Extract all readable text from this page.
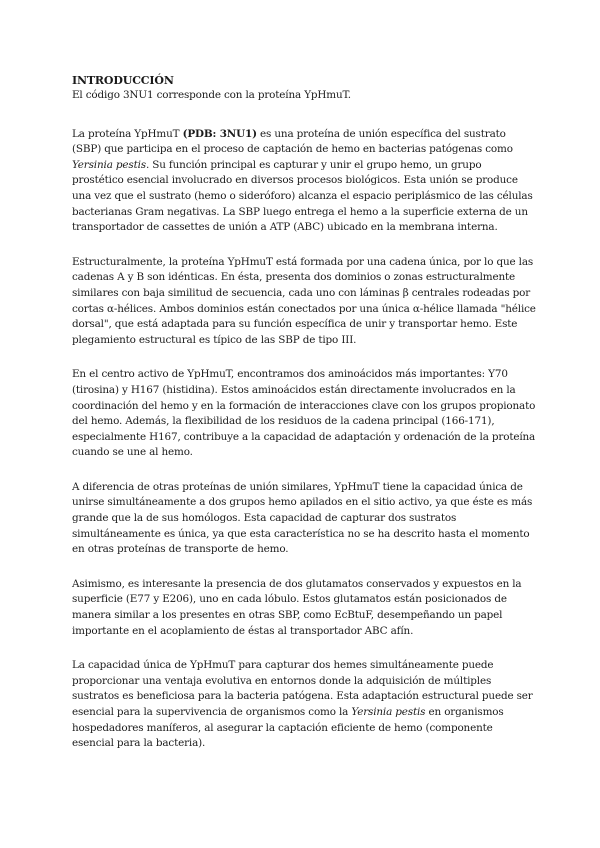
INTRODUCCIÓN

El código 3NU1 corresponde con la proteína YpHmuT.

La proteína YpHmuT (PDB: 3NU1) es una proteína de unión específica del sustrato (SBP) que participa en el proceso de captación de hemo en bacterias patógenas como Yersinia pestis. Su función principal es capturar y unir el grupo hemo, un grupo prostético esencial involucrado en diversos procesos biológicos. Esta unión se produce una vez que el sustrato (hemo o sideróforo) alcanza el espacio periplásmico de las células bacterianas Gram negativas. La SBP luego entrega el hemo a la superficie externa de un transportador de cassettes de unión a ATP (ABC) ubicado en la membrana interna.

Estructuralmente, la proteína YpHmuT está formada por una cadena única, por lo que las cadenas A y B son idénticas. En ésta, presenta dos dominios o zonas estructuralmente similares con baja similitud de secuencia, cada uno con láminas β centrales rodeadas por cortas α-hélices. Ambos dominios están conectados por una única α-hélice llamada "hélice dorsal", que está adaptada para su función específica de unir y transportar hemo. Este plegamiento estructural es típico de las SBP de tipo III.

En el centro activo de YpHmuT, encontramos dos aminoácidos más importantes: Y70 (tirosina) y H167 (histidina). Estos aminoácidos están directamente involucrados en la coordinación del hemo y en la formación de interacciones clave con los grupos propionato del hemo. Además, la flexibilidad de los residuos de la cadena principal (166-171), especialmente H167, contribuye a la capacidad de adaptación y ordenación de la proteína cuando se une al hemo.

A diferencia de otras proteínas de unión similares, YpHmuT tiene la capacidad única de unirse simultáneamente a dos grupos hemo apilados en el sitio activo, ya que éste es más grande que la de sus homólogos. Esta capacidad de capturar dos sustratos simultáneamente es única, ya que esta característica no se ha descrito hasta el momento en otras proteínas de transporte de hemo.

Asimismo, es interesante la presencia de dos glutamatos conservados y expuestos en la superficie (E77 y E206), uno en cada lóbulo. Estos glutamatos están posicionados de manera similar a los presentes en otras SBP, como EcBtuF, desempeñando un papel importante en el acoplamiento de éstas al transportador ABC afín.

La capacidad única de YpHmuT para capturar dos hemes simultáneamente puede proporcionar una ventaja evolutiva en entornos donde la adquisición de múltiples sustratos es beneficiosa para la bacteria patógena. Esta adaptación estructural puede ser esencial para la supervivencia de organismos como la Yersinia pestis en organismos hospedadores maníferos, al asegurar la captación eficiente de hemo (componente esencial para la bacteria).
